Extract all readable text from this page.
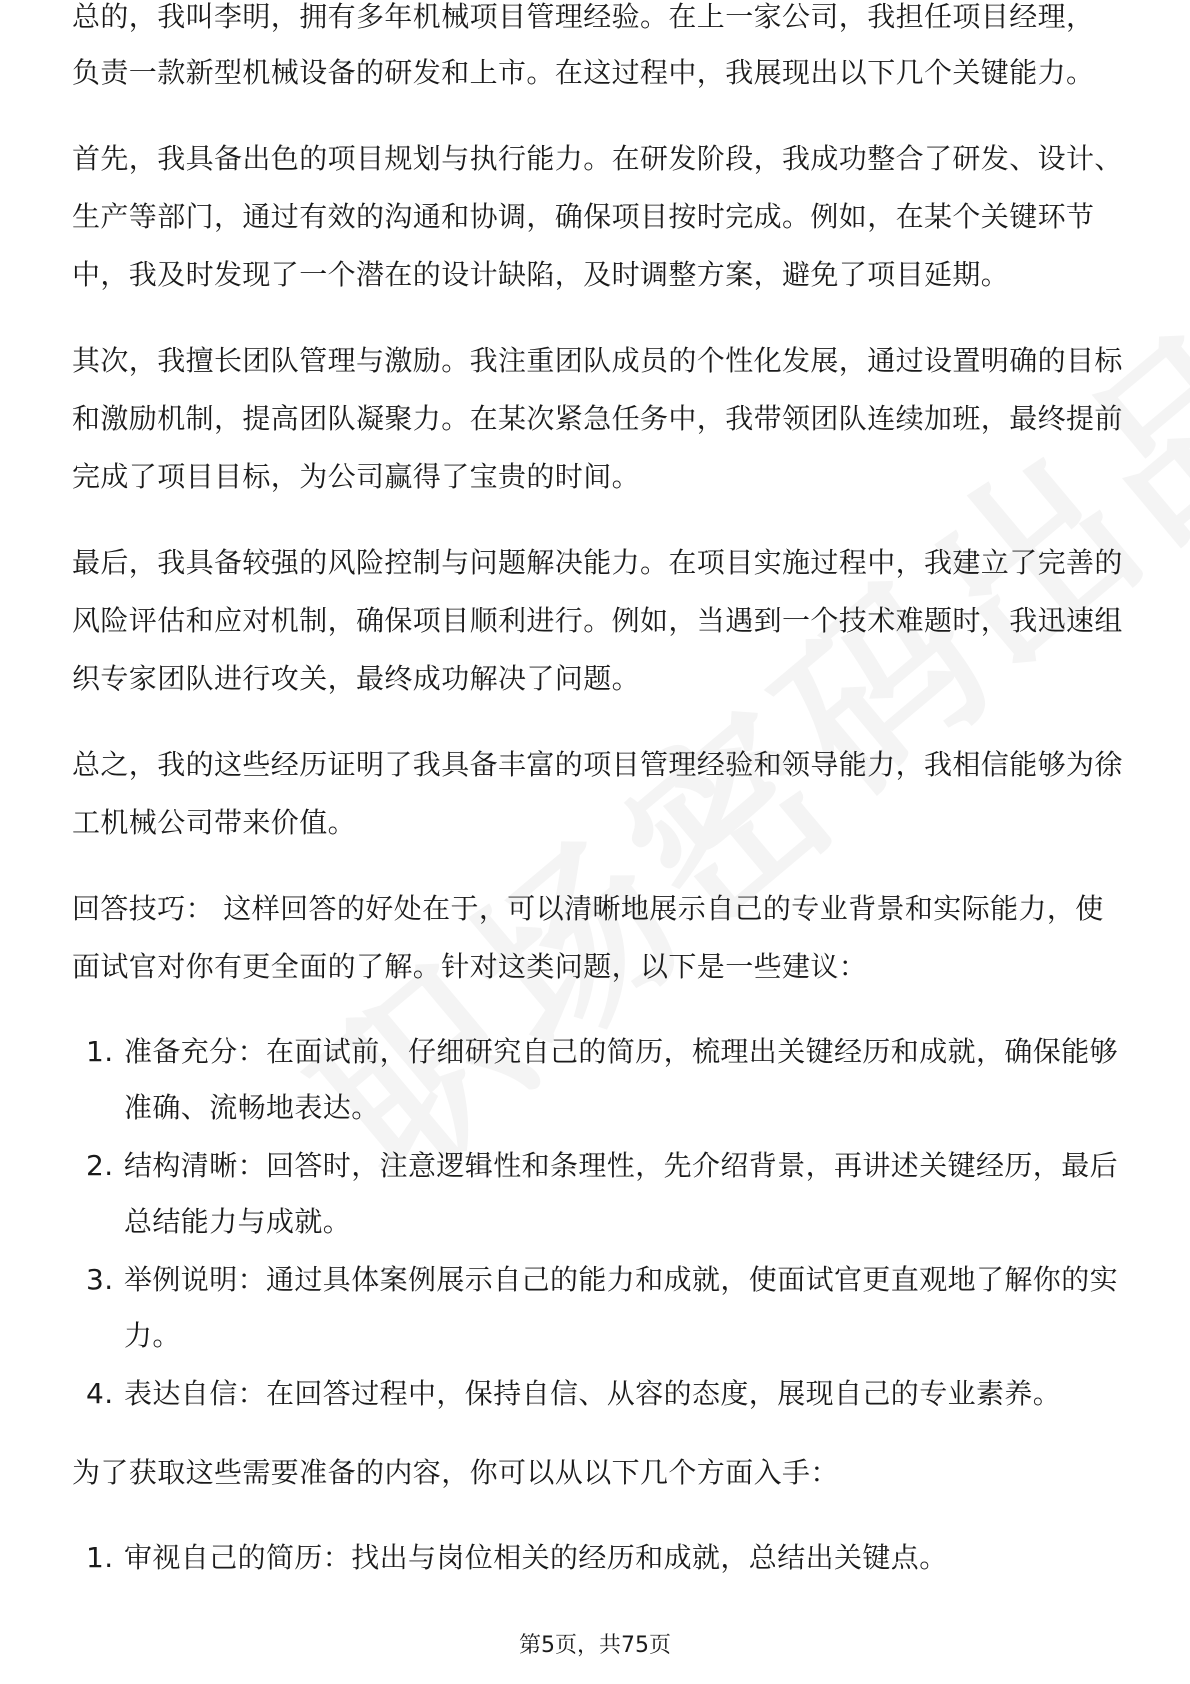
总的，我叫李明，拥有多年机械项目管理经验。在上一家公司，我担任项目经理，
负责一款新型机械设备的研发和上市。在这过程中，我展现出以下几个关键能力。
首先，我具备出色的项目规划与执行能力。在研发阶段，我成功整合了研发、设计、生产等部门，通过有效的沟通和协调，确保项目按时完成。例如，在某个关键环节中，我及时发现了一个潜在的设计缺陷，及时调整方案，避免了项目延期。
其次，我擅长团队管理与激励。我注重团队成员的个性化发展，通过设置明确的目标和激励机制，提高团队凝聚力。在某次紧急任务中，我带领团队连续加班，最终提前完成了项目目标，为公司赢得了宝贵的时间。
最后，我具备较强的风险控制与问题解决能力。在项目实施过程中，我建立了完善的风险评估和应对机制，确保项目顺利进行。例如，当遇到一个技术难题时，我迅速组织专家团队进行攻关，最终成功解决了问题。
总之，我的这些经历证明了我具备丰富的项目管理经验和领导能力，我相信能够为徐工机械公司带来价值。
回答技巧： 这样回答的好处在于，可以清晰地展示自己的专业背景和实际能力，使面试官对你有更全面的了解。针对这类问题，以下是一些建议：
1. 准备充分：在面试前，仔细研究自己的简历，梳理出关键经历和成就，确保能够准确、流畅地表达。
2. 结构清晰：回答时，注意逻辑性和条理性，先介绍背景，再讲述关键经历，最后总结能力与成就。
3. 举例说明：通过具体案例展示自己的能力和成就，使面试官更直观地了解你的实力。
4. 表达自信：在回答过程中，保持自信、从容的态度，展现自己的专业素养。
为了获取这些需要准备的内容，你可以从以下几个方面入手：
1. 审视自己的简历：找出与岗位相关的经历和成就，总结出关键点。
第5页，共75页
